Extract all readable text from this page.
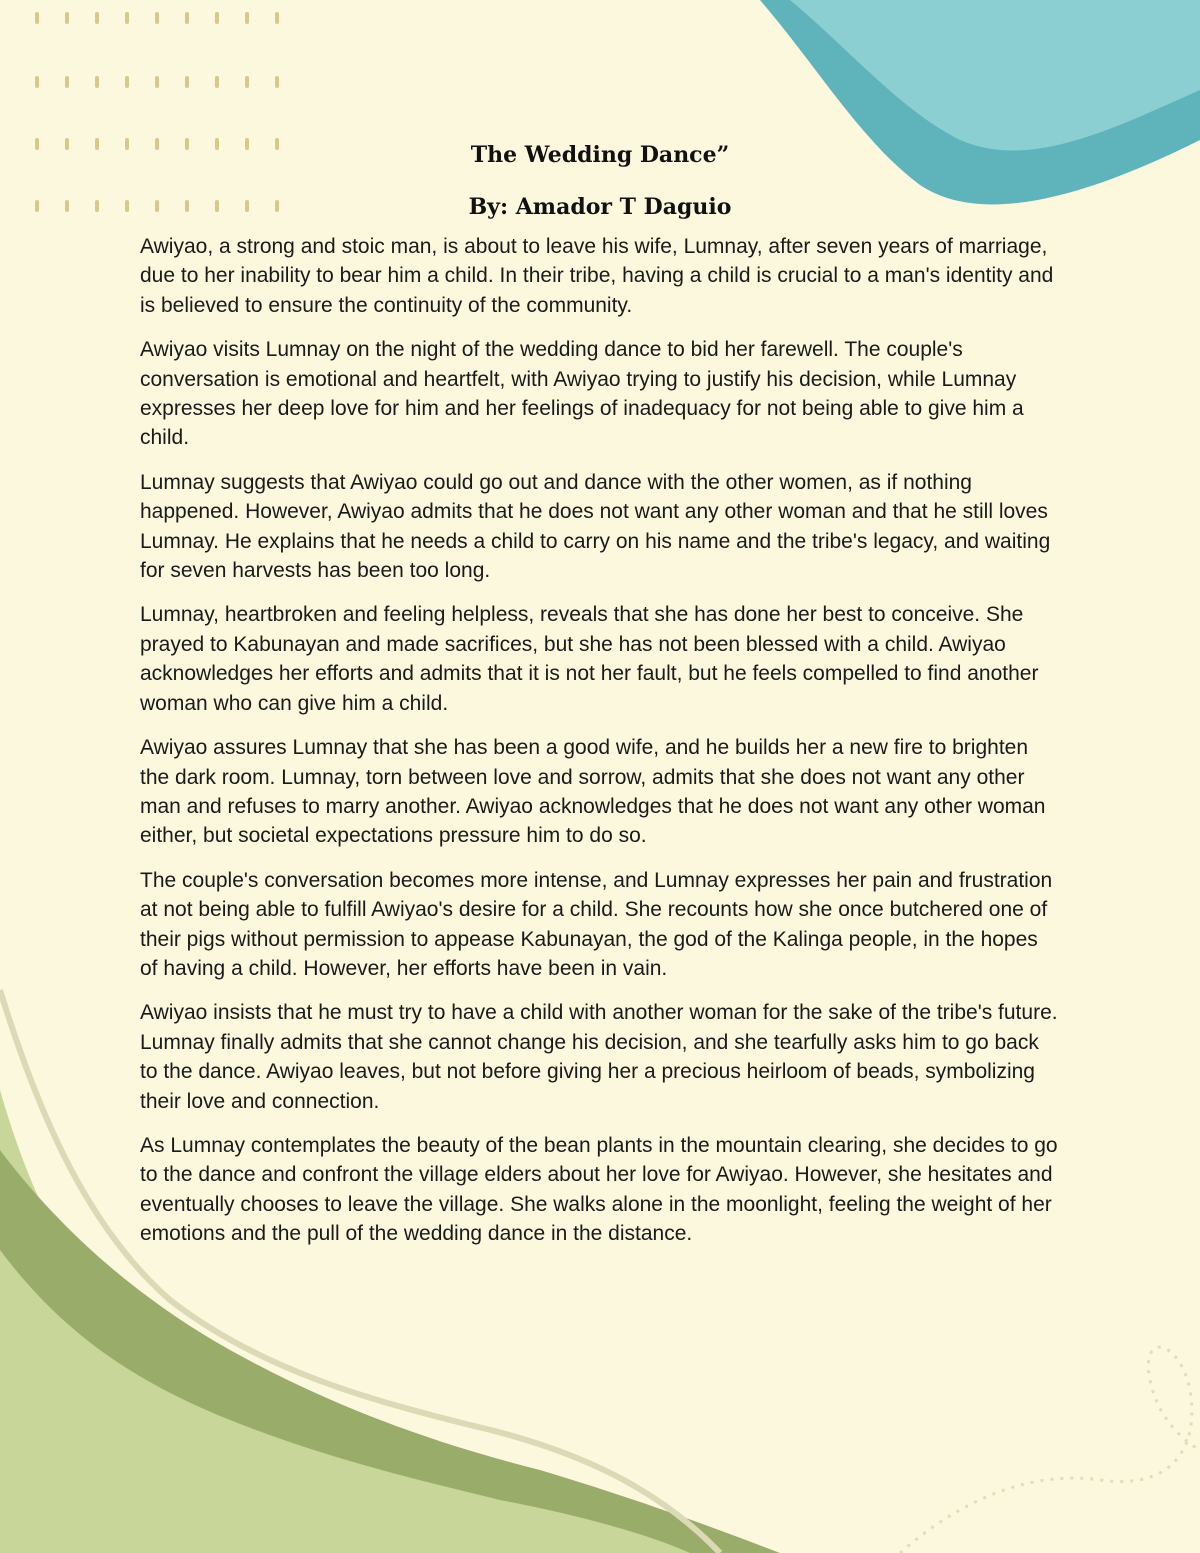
The Wedding Dance”
By: Amador T Daguio

Awiyao, a strong and stoic man, is about to leave his wife, Lumnay, after seven years of marriage, due to her inability to bear him a child. In their tribe, having a child is crucial to a man's identity and is believed to ensure the continuity of the community.

Awiyao visits Lumnay on the night of the wedding dance to bid her farewell. The couple's conversation is emotional and heartfelt, with Awiyao trying to justify his decision, while Lumnay expresses her deep love for him and her feelings of inadequacy for not being able to give him a child.

Lumnay suggests that Awiyao could go out and dance with the other women, as if nothing happened. However, Awiyao admits that he does not want any other woman and that he still loves Lumnay. He explains that he needs a child to carry on his name and the tribe's legacy, and waiting for seven harvests has been too long.

Lumnay, heartbroken and feeling helpless, reveals that she has done her best to conceive. She prayed to Kabunayan and made sacrifices, but she has not been blessed with a child. Awiyao acknowledges her efforts and admits that it is not her fault, but he feels compelled to find another woman who can give him a child.

Awiyao assures Lumnay that she has been a good wife, and he builds her a new fire to brighten the dark room. Lumnay, torn between love and sorrow, admits that she does not want any other man and refuses to marry another. Awiyao acknowledges that he does not want any other woman either, but societal expectations pressure him to do so.

The couple's conversation becomes more intense, and Lumnay expresses her pain and frustration at not being able to fulfill Awiyao's desire for a child. She recounts how she once butchered one of their pigs without permission to appease Kabunayan, the god of the Kalinga people, in the hopes of having a child. However, her efforts have been in vain.

Awiyao insists that he must try to have a child with another woman for the sake of the tribe's future. Lumnay finally admits that she cannot change his decision, and she tearfully asks him to go back to the dance. Awiyao leaves, but not before giving her a precious heirloom of beads, symbolizing their love and connection.

As Lumnay contemplates the beauty of the bean plants in the mountain clearing, she decides to go to the dance and confront the village elders about her love for Awiyao. However, she hesitates and eventually chooses to leave the village. She walks alone in the moonlight, feeling the weight of her emotions and the pull of the wedding dance in the distance.
